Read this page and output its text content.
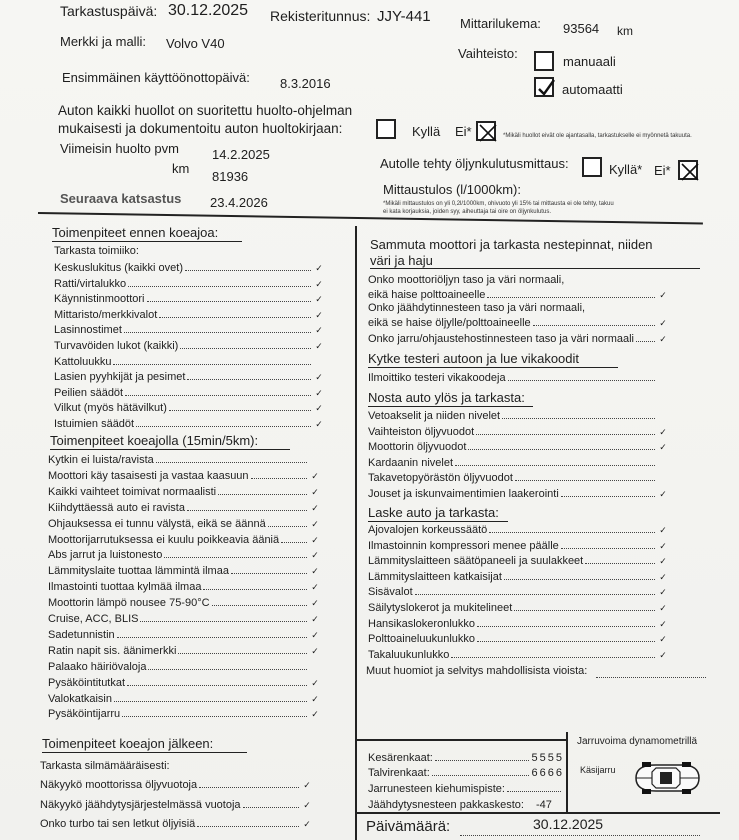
Tarkastuspäivä: 30.12.2025 Rekisteritunnus: JJY-441 Mittarilukema: 93564 km
Merkki ja malli: Volvo V40
Vaihteisto:
manuaali
automaatti
Ensimmäinen käyttöönottopäivä: 8.3.2016
Auton kaikki huollot on suoritettu huolto-ohjelman
mukaisesti ja dokumentoitu auton huoltokirjaan:	Kyllä Ei*	*Mikäli huollot eivät ole ajantasalla, tarkastukselle ei myönnetä takuuta.
Viimeisin huolto pvm	14.2.2025
km
81936
Autolle tehty öljynkulutusmittaus:	Kyllä* Ei*
Mittaustulos (l/1000km):
*Mikäli mittaustulos on yli 0,2l/1000km, ohivuoto yli 15% tai mittausta ei ole tehty, takuu
ei kata korjauksia, joiden syy, aiheuttaja tai oire on öljynkulutus.
Seuraava katsastus 23.4.2026
Toimenpiteet ennen koeajoa:
Tarkasta toimiiko:
Keskuslukitus (kaikki ovet)	✓
Ratti/virtalukko	✓
Käynnistinmoottori	✓
Mittaristo/merkkivalot	✓
Lasinnostimet	✓
Turvavöiden lukot (kaikki)	✓
Kattoluukku
Lasien pyyhkijät ja pesimet	✓
Peilien säädöt	✓
Vilkut (myös hätävilkut)	✓
Istuimien säädöt	✓
Toimenpiteet koeajolla (15min/5km):
Kytkin ei luista/ravista
Moottori käy tasaisesti ja vastaa kaasuun	✓
Kaikki vaihteet toimivat normaalisti	✓
Kiihdyttäessä auto ei ravista	✓
Ohjauksessa ei tunnu välystä, eikä se äännä	✓
Moottorijarrutuksessa ei kuulu poikkeavia ääniä	✓
Abs jarrut ja luistonesto	✓
Lämmityslaite tuottaa lämmintä ilmaa	✓
Ilmastointi tuottaa kylmää ilmaa	✓
Moottorin lämpö nousee 75-90°C	✓
Cruise, ACC, BLIS	✓
Sadetunnistin	✓
Ratin napit sis. äänimerkki	✓
Palaako häiriövaloja
Pysäköintitutkat	✓
Valokatkaisin	✓
Pysäköintijarru	✓
Toimenpiteet koeajon jälkeen:
Tarkasta silmämääräisesti:
Näkyykö moottorissa öljyvuotoja	✓
Näkyykö jäähdytysjärjestelmässä vuotoja	✓
Onko turbo tai sen letkut öljyisiä	✓
Sammuta moottori ja tarkasta nestepinnat, niiden
väri ja haju
Onko moottoriöljyn taso ja väri normaali,
eikä haise polttoaineelle	✓
Onko jäähdytinnesteen taso ja väri normaali,
eikä se haise öljylle/polttoaineelle	✓
Onko jarru/ohjaustehostinnesteen taso ja väri normaali	✓
Kytke testeri autoon ja lue vikakoodit
Ilmoittiko testeri vikakoodeja
Nosta auto ylös ja tarkasta:
Vetoakselit ja niiden nivelet
Vaihteiston öljyvuodot	✓
Moottorin öljyvuodot	✓
Kardaanin nivelet
Takavetopyörästön öljyvuodot
Jouset ja iskunvaimentimien laakerointi	✓
Laske auto ja tarkasta:
Ajovalojen korkeussäätö	✓
Ilmastoinnin kompressori menee päälle	✓
Lämmityslaitteen säätöpaneeli ja suulakkeet	✓
Lämmityslaitteen katkaisijat	✓
Sisävalot	✓
Säilytyslokerot ja mukitelineet	✓
Hansikaslokeronlukko	✓
Polttoaineluukunlukko	✓
Takaluukunlukko	✓
Muut huomiot ja selvitys mahdollisista vioista:
Kesärenkaat:	5555
Talvirenkaat:	6666
Jarrunesteen kiehumispiste:
Jäähdytysnesteen pakkaskesto: -47
Jarruvoima dynamometrillä
Käsijarru
Päivämäärä:	30.12.2025
